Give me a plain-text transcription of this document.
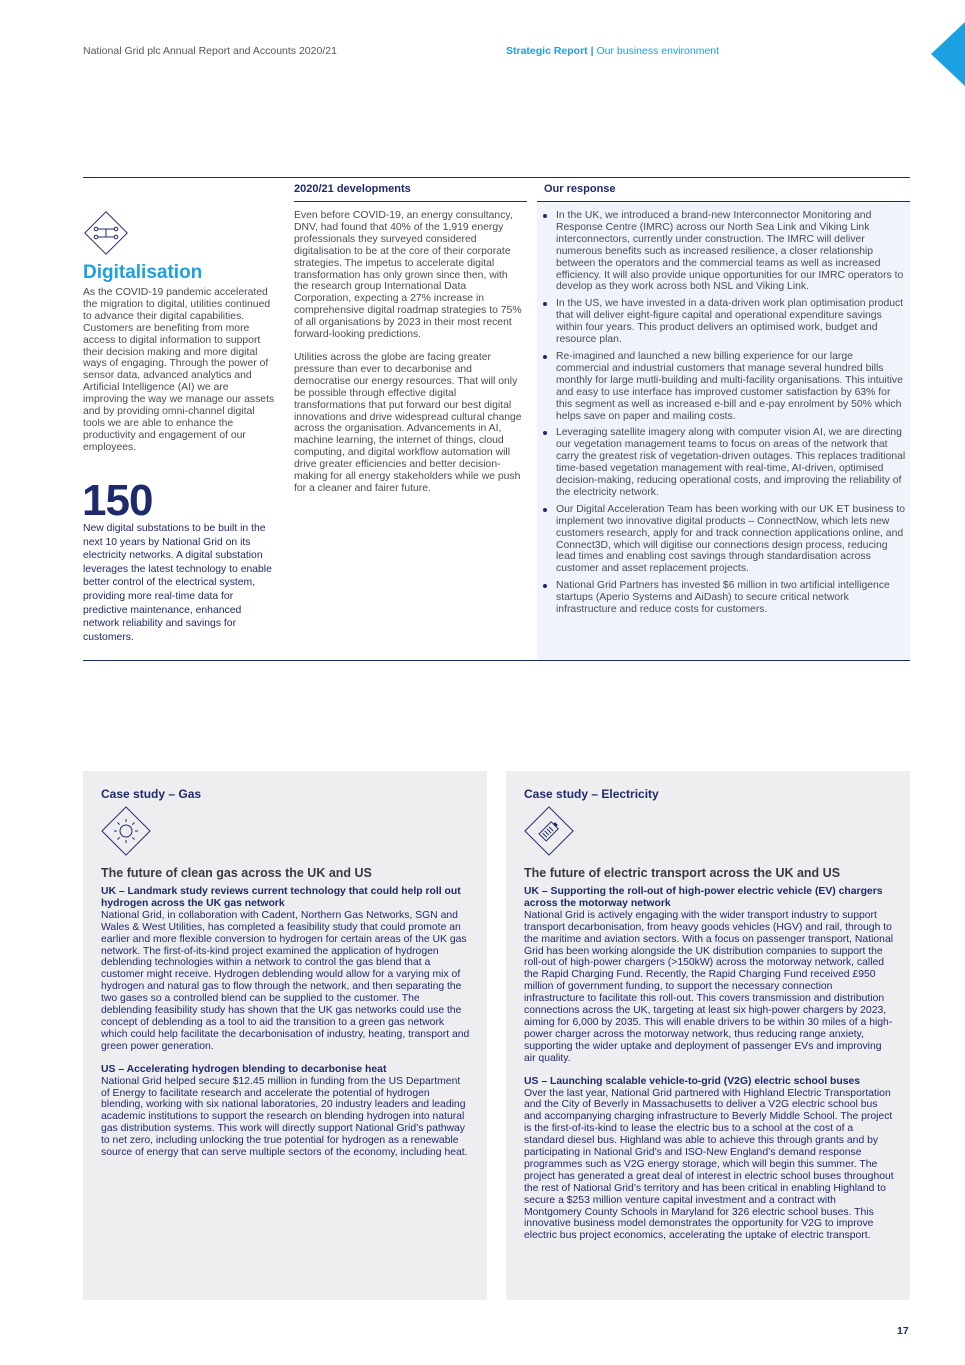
National Grid plc Annual Report and Accounts 2020/21	Strategic Report | Our business environment
2020/21 developments	Our response
Digitalisation
As the COVID-19 pandemic accelerated the migration to digital, utilities continued to advance their digital capabilities. Customers are benefiting from more access to digital information to support their decision making and more digital ways of engaging. Through the power of sensor data, advanced analytics and Artificial Intelligence (AI) we are improving the way we manage our assets and by providing omni-channel digital tools we are able to enhance the productivity and engagement of our employees.
150
New digital substations to be built in the next 10 years by National Grid on its electricity networks. A digital substation leverages the latest technology to enable better control of the electrical system, providing more real-time data for predictive maintenance, enhanced network reliability and savings for customers.

Even before COVID-19, an energy consultancy, DNV, had found that 40% of the 1,919 energy professionals they surveyed considered digitalisation to be at the core of their corporate strategies. The impetus to accelerate digital transformation has only grown since then, with the research group International Data Corporation, expecting a 27% increase in comprehensive digital roadmap strategies to 75% of all organisations by 2023 in their most recent forward-looking predictions.

Utilities across the globe are facing greater pressure than ever to decarbonise and democratise our energy resources. That will only be possible through effective digital transformations that put forward our best digital innovations and drive widespread cultural change across the organisation. Advancements in AI, machine learning, the internet of things, cloud computing, and digital workflow automation will drive greater efficiencies and better decision-making for all energy stakeholders while we push for a cleaner and fairer future.

In the UK, we introduced a brand-new Interconnector Monitoring and Response Centre (IMRC) across our North Sea Link and Viking Link interconnectors, currently under construction. The IMRC will deliver numerous benefits such as increased resilience, a closer relationship between the operators and the commercial teams as well as increased efficiency. It will also provide unique opportunities for our IMRC operators to develop as they work across both NSL and Viking Link.
In the US, we have invested in a data-driven work plan optimisation product that will deliver eight-figure capital and operational expenditure savings within four years. This product delivers an optimised work, budget and resource plan.
Re-imagined and launched a new billing experience for our large commercial and industrial customers that manage several hundred bills monthly for large mutli-building and multi-facility organisations. This intuitive and easy to use interface has improved customer satisfaction by 63% for this segment as well as increased e-bill and e-pay enrolment by 50% which helps save on paper and mailing costs.
Leveraging satellite imagery along with computer vision AI, we are directing our vegetation management teams to focus on areas of the network that carry the greatest risk of vegetation-driven outages. This replaces traditional time-based vegetation management with real-time, AI-driven, optimised decision-making, reducing operational costs, and improving the reliability of the electricity network.
Our Digital Acceleration Team has been working with our UK ET business to implement two innovative digital products – ConnectNow, which lets new customers research, apply for and track connection applications online, and Connect3D, which will digitise our connections design process, reducing lead times and enabling cost savings through standardisation across customer and asset replacement projects.
National Grid Partners has invested $6 million in two artificial intelligence startups (Aperio Systems and AiDash) to secure critical network infrastructure and reduce costs for customers.
Case study – Gas
The future of clean gas across the UK and US
UK – Landmark study reviews current technology that could help roll out hydrogen across the UK gas network
National Grid, in collaboration with Cadent, Northern Gas Networks, SGN and Wales & West Utilities, has completed a feasibility study that could promote an earlier and more flexible conversion to hydrogen for certain areas of the UK gas network. The first-of-its-kind project examined the application of hydrogen deblending technologies within a network to control the gas blend that a customer might receive. Hydrogen deblending would allow for a varying mix of hydrogen and natural gas to flow through the network, and then separating the two gases so a controlled blend can be supplied to the customer. The deblending feasibility study has shown that the UK gas networks could use the concept of deblending as a tool to aid the transition to a green gas network which could help facilitate the decarbonisation of industry, heating, transport and green power generation.
US – Accelerating hydrogen blending to decarbonise heat
National Grid helped secure $12.45 million in funding from the US Department of Energy to facilitate research and accelerate the potential of hydrogen blending, working with six national laboratories, 20 industry leaders and leading academic institutions to support the research on blending hydrogen into natural gas distribution systems. This work will directly support National Grid’s pathway to net zero, including unlocking the true potential for hydrogen as a renewable source of energy that can serve multiple sectors of the economy, including heat.
Case study – Electricity
The future of electric transport across the UK and US
UK – Supporting the roll-out of high-power electric vehicle (EV) chargers across the motorway network
National Grid is actively engaging with the wider transport industry to support transport decarbonisation, from heavy goods vehicles (HGV) and rail, through to the maritime and aviation sectors. With a focus on passenger transport, National Grid has been working alongside the UK distribution companies to support the roll-out of high-power chargers (>150kW) across the motorway network, called the Rapid Charging Fund. Recently, the Rapid Charging Fund received £950 million of government funding, to support the necessary connection infrastructure to facilitate this roll-out. This covers transmission and distribution connections across the UK, targeting at least six high-power chargers by 2023, aiming for 6,000 by 2035. This will enable drivers to be within 30 miles of a high-power charger across the motorway network, thus reducing range anxiety, supporting the wider uptake and deployment of passenger EVs and improving air quality.
US – Launching scalable vehicle-to-grid (V2G) electric school buses
Over the last year, National Grid partnered with Highland Electric Transportation and the City of Beverly in Massachusetts to deliver a V2G electric school bus and accompanying charging infrastructure to Beverly Middle School. The project is the first-of-its-kind to lease the electric bus to a school at the cost of a standard diesel bus. Highland was able to achieve this through grants and by participating in National Grid’s and ISO-New England’s demand response programmes such as V2G energy storage, which will begin this summer. The project has generated a great deal of interest in electric school buses throughout the rest of National Grid’s territory and has been critical in enabling Highland to secure a $253 million venture capital investment and a contract with Montgomery County Schools in Maryland for 326 electric school buses. This innovative business model demonstrates the opportunity for V2G to improve electric bus project economics, accelerating the uptake of electric transport.
17
